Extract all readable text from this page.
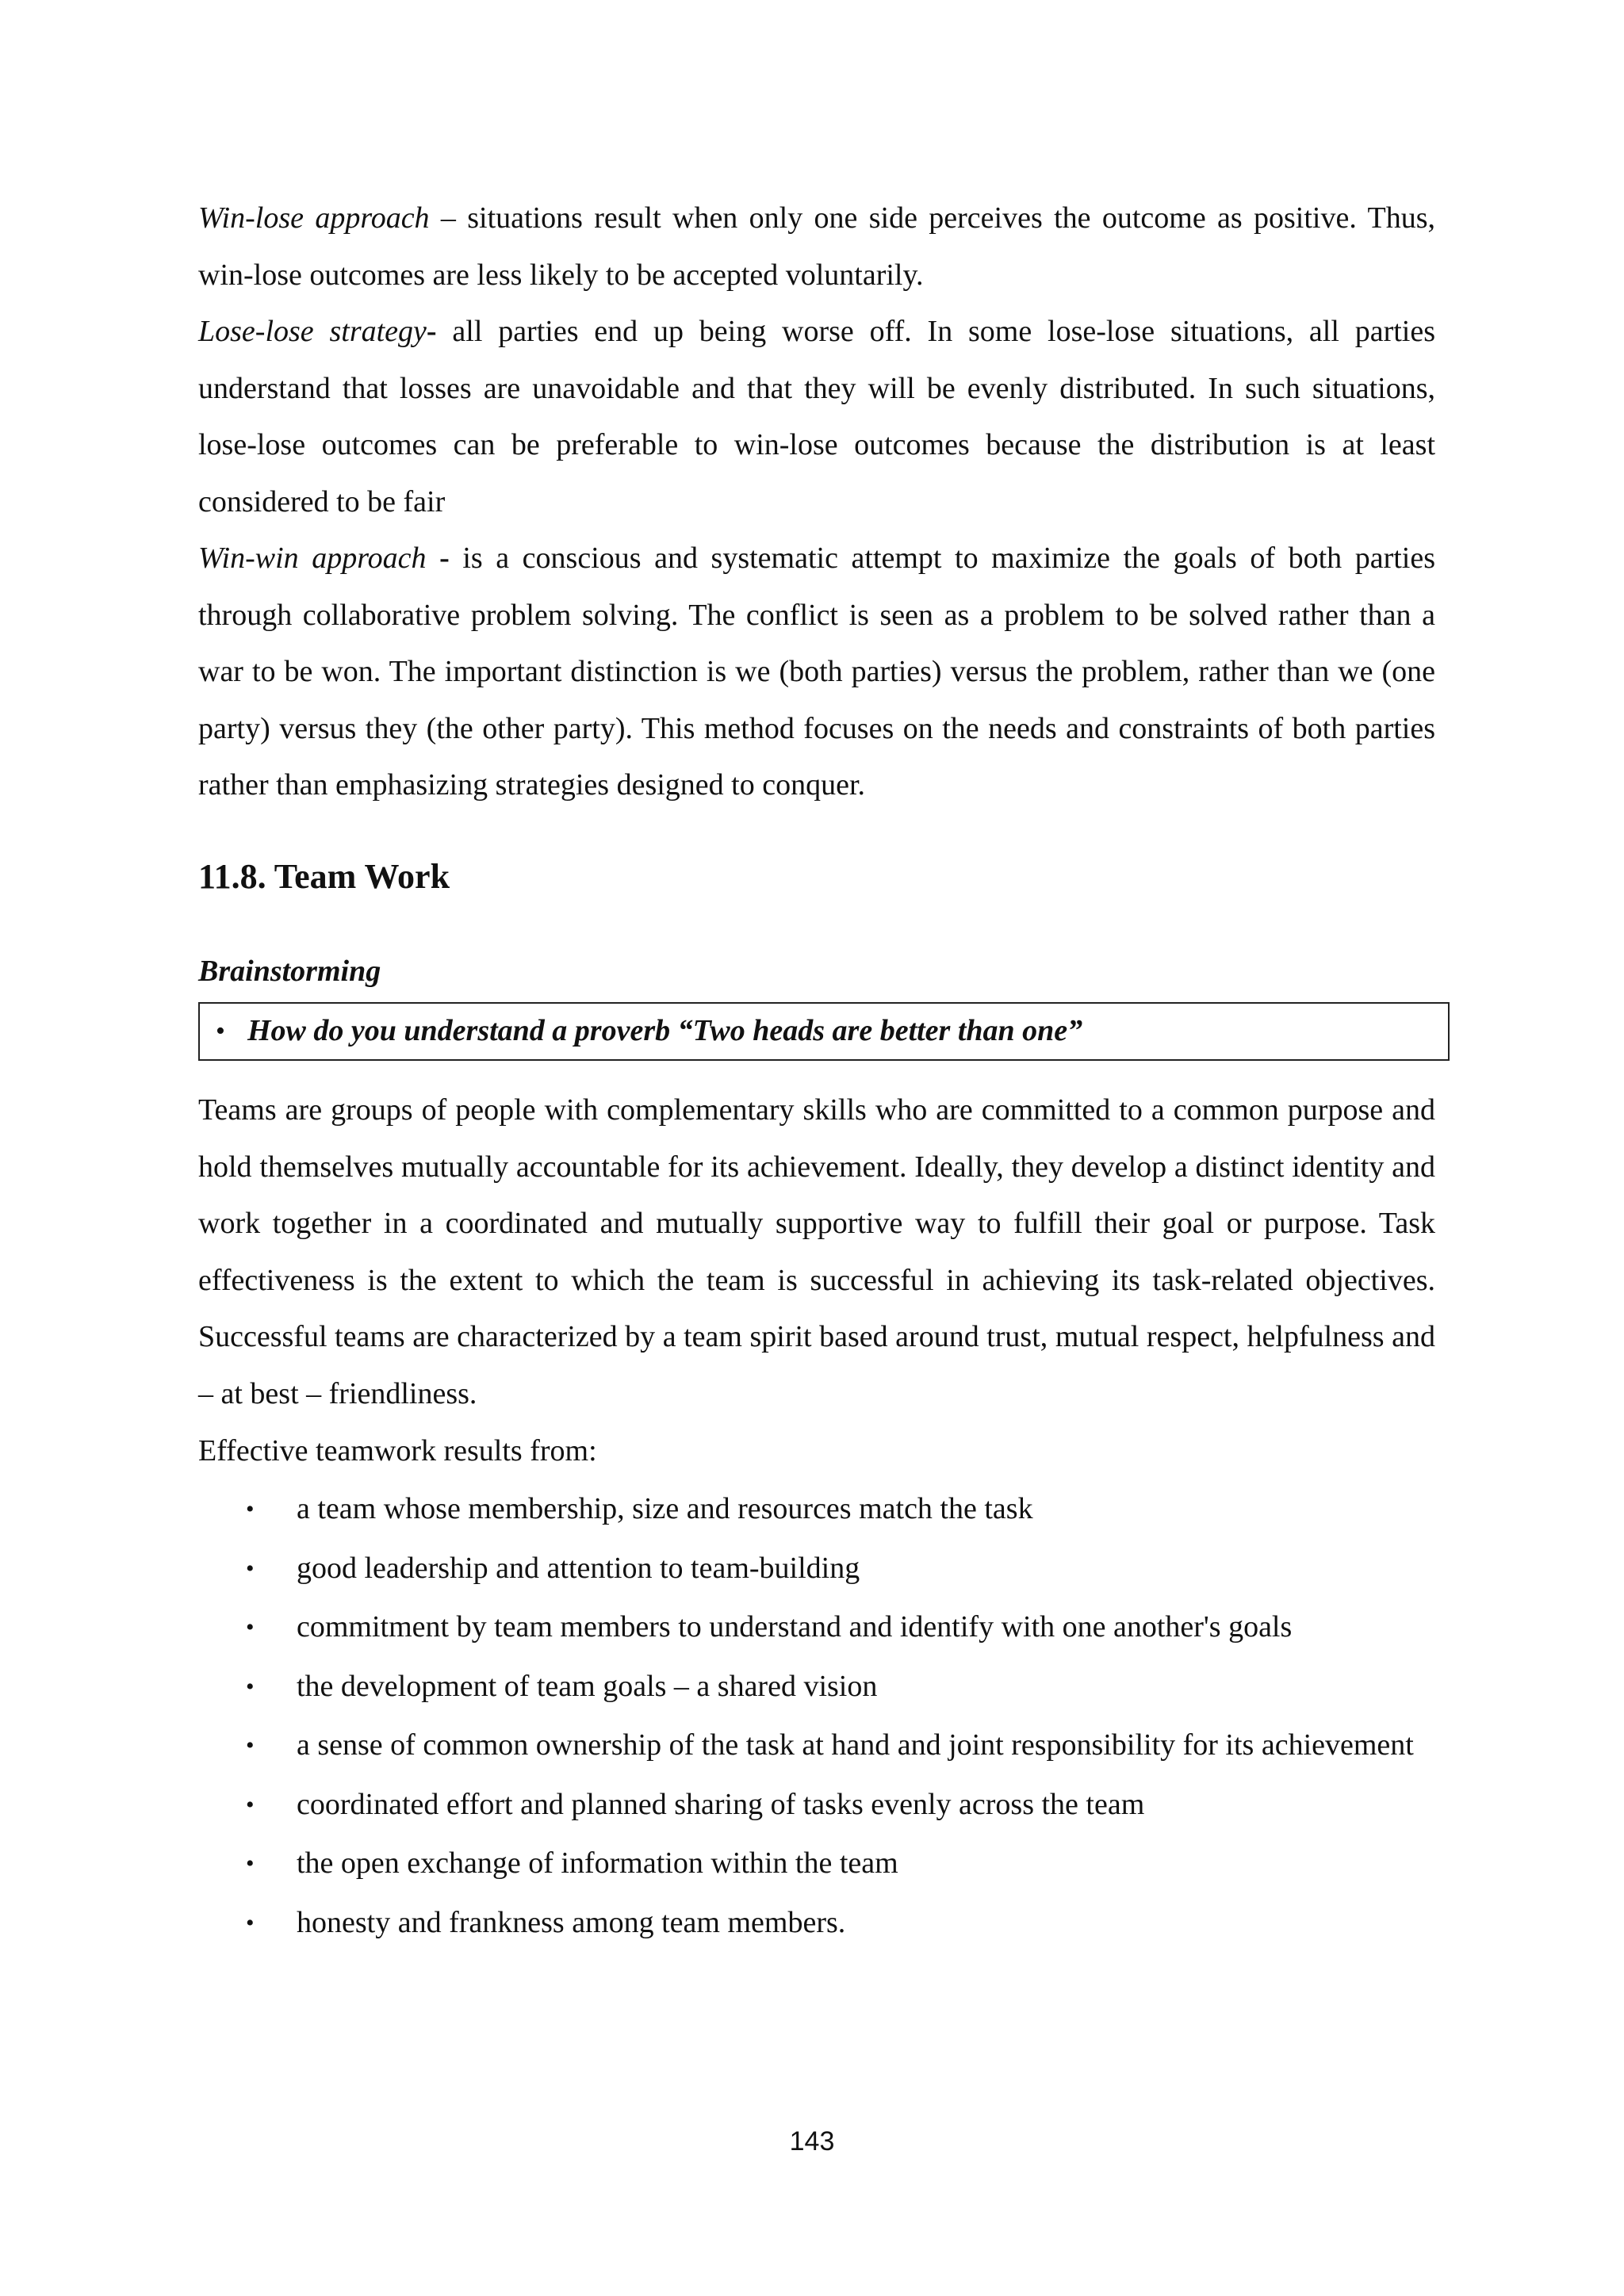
Win-lose approach – situations result when only one side perceives the outcome as positive. Thus, win-lose outcomes are less likely to be accepted voluntarily.

Lose-lose strategy- all parties end up being worse off. In some lose-lose situations, all parties understand that losses are unavoidable and that they will be evenly distributed. In such situations, lose-lose outcomes can be preferable to win-lose outcomes because the distribution is at least considered to be fair

Win-win approach - is a conscious and systematic attempt to maximize the goals of both parties through collaborative problem solving. The conflict is seen as a problem to be solved rather than a war to be won. The important distinction is we (both parties) versus the problem, rather than we (one party) versus they (the other party). This method focuses on the needs and constraints of both parties rather than emphasizing strategies designed to conquer.

11.8. Team Work

Brainstorming

• How do you understand a proverb “Two heads are better than one”

Teams are groups of people with complementary skills who are committed to a common purpose and hold themselves mutually accountable for its achievement. Ideally, they develop a distinct identity and work together in a coordinated and mutually supportive way to fulfill their goal or purpose. Task effectiveness is the extent to which the team is successful in achieving its task-related objectives. Successful teams are characterized by a team spirit based around trust, mutual respect, helpfulness and – at best – friendliness.

Effective teamwork results from:

• a team whose membership, size and resources match the task
• good leadership and attention to team-building
• commitment by team members to understand and identify with one another's goals
• the development of team goals – a shared vision
• a sense of common ownership of the task at hand and joint responsibility for its achievement
• coordinated effort and planned sharing of tasks evenly across the team
• the open exchange of information within the team
• honesty and frankness among team members.
143
